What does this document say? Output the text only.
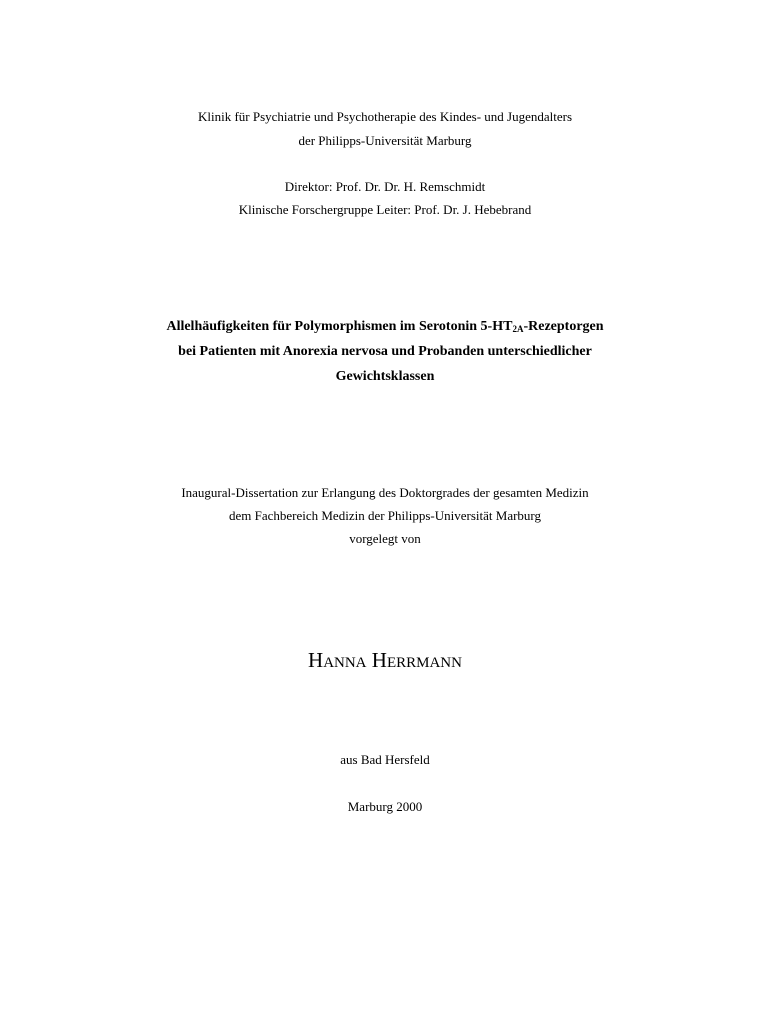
Klinik für Psychiatrie und Psychotherapie des Kindes- und Jugendalters
der Philipps-Universität Marburg
Direktor: Prof. Dr. Dr. H. Remschmidt
Klinische Forschergruppe Leiter: Prof. Dr. J. Hebebrand
Allelhäufigkeiten für Polymorphismen im Serotonin $5-HT_{2A}$-Rezeptorgen
bei Patienten mit Anorexia nervosa und Probanden unterschiedlicher
Gewichtsklassen
Inaugural-Dissertation zur Erlangung des Doktorgrades der gesamten Medizin
dem Fachbereich Medizin der Philipps-Universität Marburg
vorgelegt von
HANNA HERRMANN
aus Bad Hersfeld
Marburg 2000
